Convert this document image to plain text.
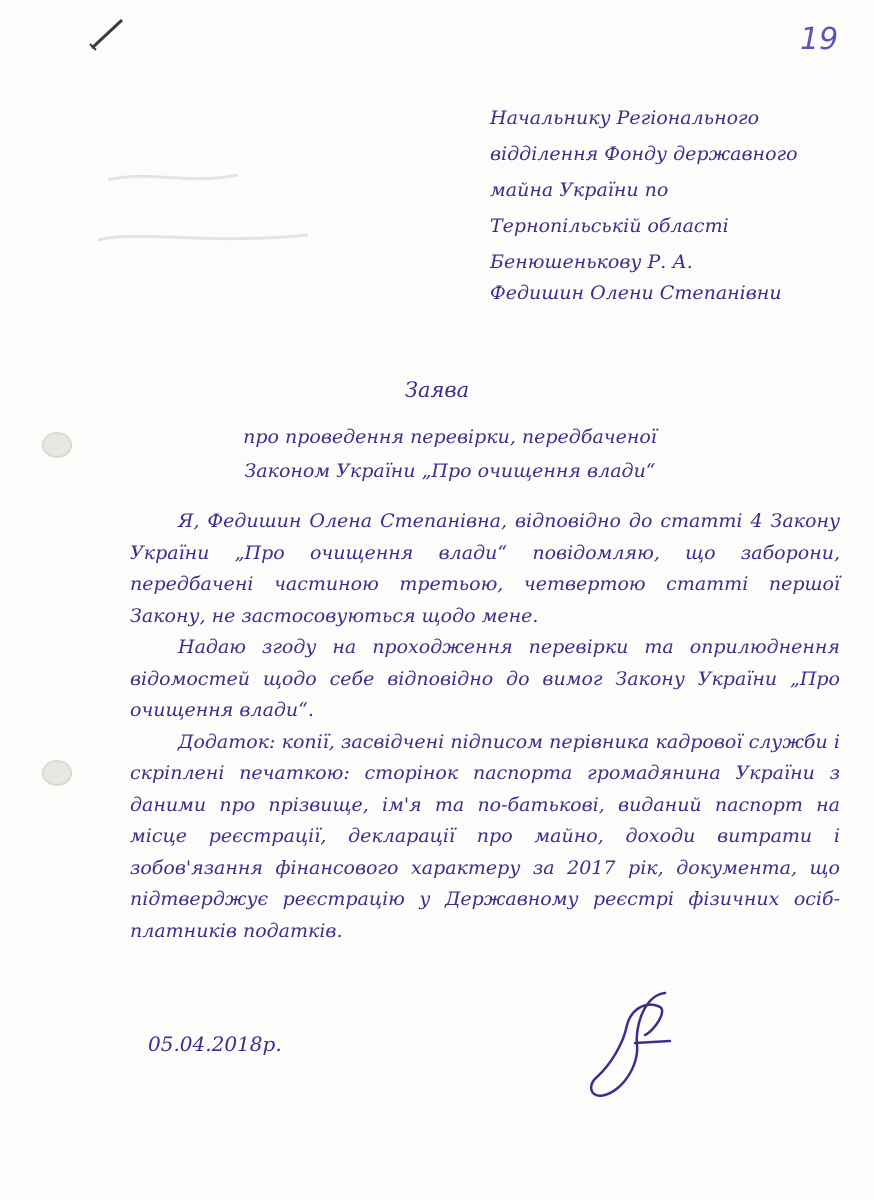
19
Начальнику Регіонального
відділення Фонду державного
майна України по
Тернопільській області
Бенюшенькову Р. А.
Федишин Олени Степанівни
Заява
про проведення перевірки, передбаченої
Законом України „Про очищення влади“

Я, Федишин Олена Степанівна, відповідно до статті 4 Закону України „Про очищення влади“ повідомляю, що заборони, передбачені частиною третьою, четвертою статті першої Закону, не застосовуються щодо мене.

Надаю згоду на проходження перевірки та оприлюднення відомостей щодо себе відповідно до вимог Закону України „Про очищення влади“.

Додаток: копії, засвідчені підписом перівника кадрової служби і скріплені печаткою: сторінок паспорта громадянина України з даними про прізвище, ім'я та по-батькові, виданий паспорт на місце реєстрації, декларації про майно, доходи витрати і зобов'язання фінансового характеру за 2017 рік, документа, що підтверджує реєстрацію у Державному реєстрі фізичних осіб-платників податків.

05.04.2018р.
